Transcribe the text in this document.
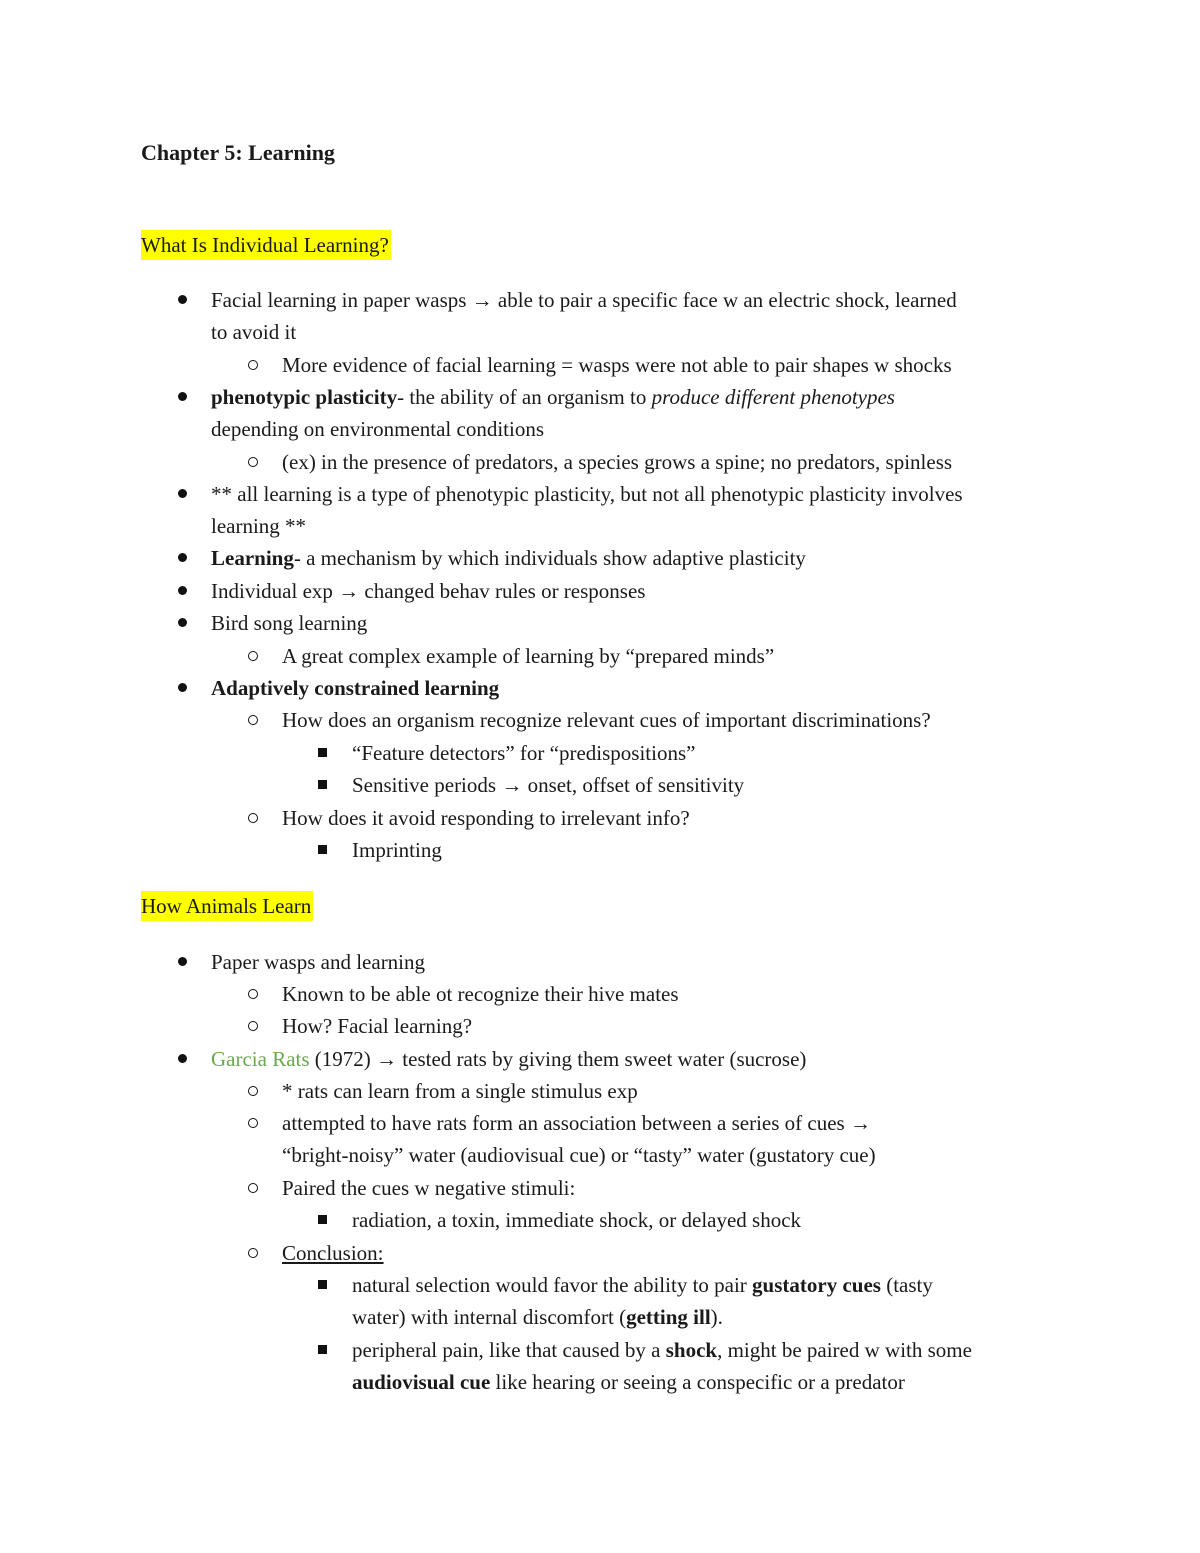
Chapter 5: Learning
What Is Individual Learning?
Facial learning in paper wasps → able to pair a specific face w an electric shock, learned
to avoid it
More evidence of facial learning = wasps were not able to pair shapes w shocks
phenotypic plasticity- the ability of an organism to produce different phenotypes
depending on environmental conditions
(ex) in the presence of predators, a species grows a spine; no predators, spinless
** all learning is a type of phenotypic plasticity, but not all phenotypic plasticity involves
learning **
Learning- a mechanism by which individuals show adaptive plasticity
Individual exp → changed behav rules or responses
Bird song learning
A great complex example of learning by “prepared minds”
Adaptively constrained learning
How does an organism recognize relevant cues of important discriminations?
“Feature detectors” for “predispositions”
Sensitive periods → onset, offset of sensitivity
How does it avoid responding to irrelevant info?
Imprinting
How Animals Learn
Paper wasps and learning
Known to be able ot recognize their hive mates
How? Facial learning?
Garcia Rats (1972) → tested rats by giving them sweet water (sucrose)
* rats can learn from a single stimulus exp
attempted to have rats form an association between a series of cues →
“bright-noisy” water (audiovisual cue) or “tasty” water (gustatory cue)
Paired the cues w negative stimuli:
radiation, a toxin, immediate shock, or delayed shock
Conclusion:
natural selection would favor the ability to pair gustatory cues (tasty
water) with internal discomfort (getting ill).
peripheral pain, like that caused by a shock, might be paired w with some
audiovisual cue like hearing or seeing a conspecific or a predator
